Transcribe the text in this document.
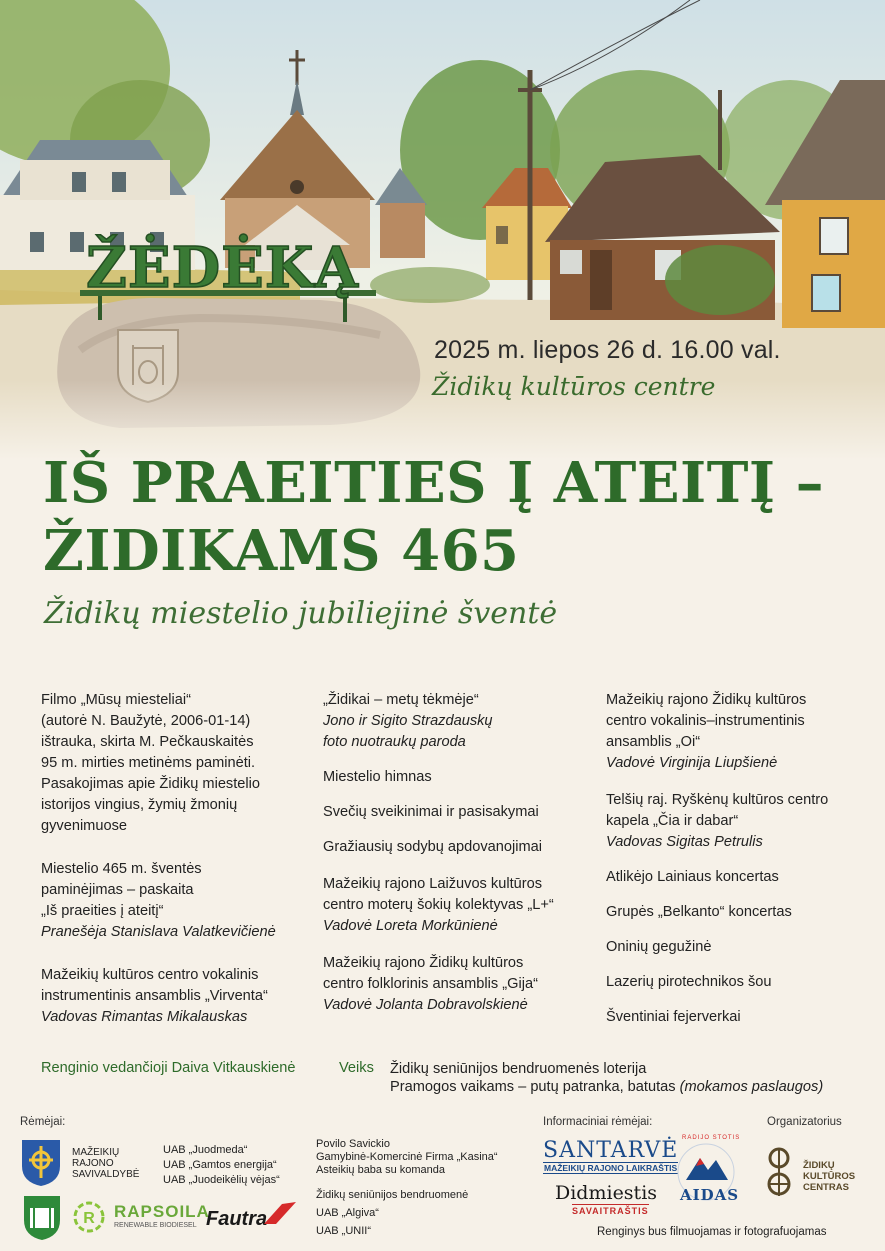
ŽĖDĖKĄ
2025 m. liepos 26 d. 16.00 val.
Židikų kultūros centre
IŠ PRAEITIES Į ATEITĮ –
ŽIDIKAMS 465
Židikų miestelio jubiliejinė šventė
Filmo „Mūsų miesteliai“
(autorė N. Baužytė, 2006-01-14)
ištrauka, skirta M. Pečkauskaitės
95 m. mirties metinėms paminėti.
Pasakojimas apie Židikų miestelio
istorijos vingius, žymių žmonių
gyvenimuose
Miestelio 465 m. šventės
paminėjimas – paskaita
„Iš praeities į ateitį“
Pranešėja Stanislava Valatkevičienė
Mažeikių kultūros centro vokalinis
instrumentinis ansamblis „Virventa“
Vadovas Rimantas Mikalauskas
„Židikai – metų tėkmėje“
Jono ir Sigito Strazdauskų
foto nuotraukų paroda
Miestelio himnas
Svečių sveikinimai ir pasisakymai
Gražiausių sodybų apdovanojimai
Mažeikių rajono Laižuvos kultūros
centro moterų šokių kolektyvas „L+“
Vadovė Loreta Morkūnienė
Mažeikių rajono Židikų kultūros
centro folklorinis ansamblis „Gija“
Vadovė Jolanta Dobravolskienė
Mažeikių rajono Židikų kultūros
centro vokalinis–instrumentinis
ansamblis „Oi“
Vadovė Virginija Liupšienė
Telšių raj. Ryškėnų kultūros centro
kapela „Čia ir dabar“
Vadovas Sigitas Petrulis
Atlikėjo Lainiaus koncertas
Grupės „Belkanto“ koncertas
Oninių gegužinė
Lazerių pirotechnikos šou
Šventiniai fejerverkai
Renginio vedančioji Daiva Vitkauskienė	Veiks Židikų seniūnijos bendruomenės loterija
Pramogos vaikams – putų patranka, batutas (mokamos paslaugos)
Rėmėjai:
MAŽEIKIŲ
RAJONO
SAVIVALDYBĖ
UAB „Juodmeda“
UAB „Gamtos energija“
UAB „Juodeikėlių vėjas“
Povilo Savickio
Gamybinė-Komercinė Firma „Kasina“
Asteikių baba su komanda
Židikų seniūnijos bendruomenė
UAB „Algiva“
UAB „UNII“
R RAPSOILA
RENEWABLE BIODIESEL Fautra
Informaciniai rėmėjai:
SANTARVĖ
MAŽEIKIŲ RAJONO LAIKRAŠTIS
Didmiestis
SAVAITRAŠTIS
RADIJO STOTIS
AIDAS
Organizatorius
ŽIDIKŲ
KULTŪROS
CENTRAS
Renginys bus filmuojamas ir fotografuojamas
